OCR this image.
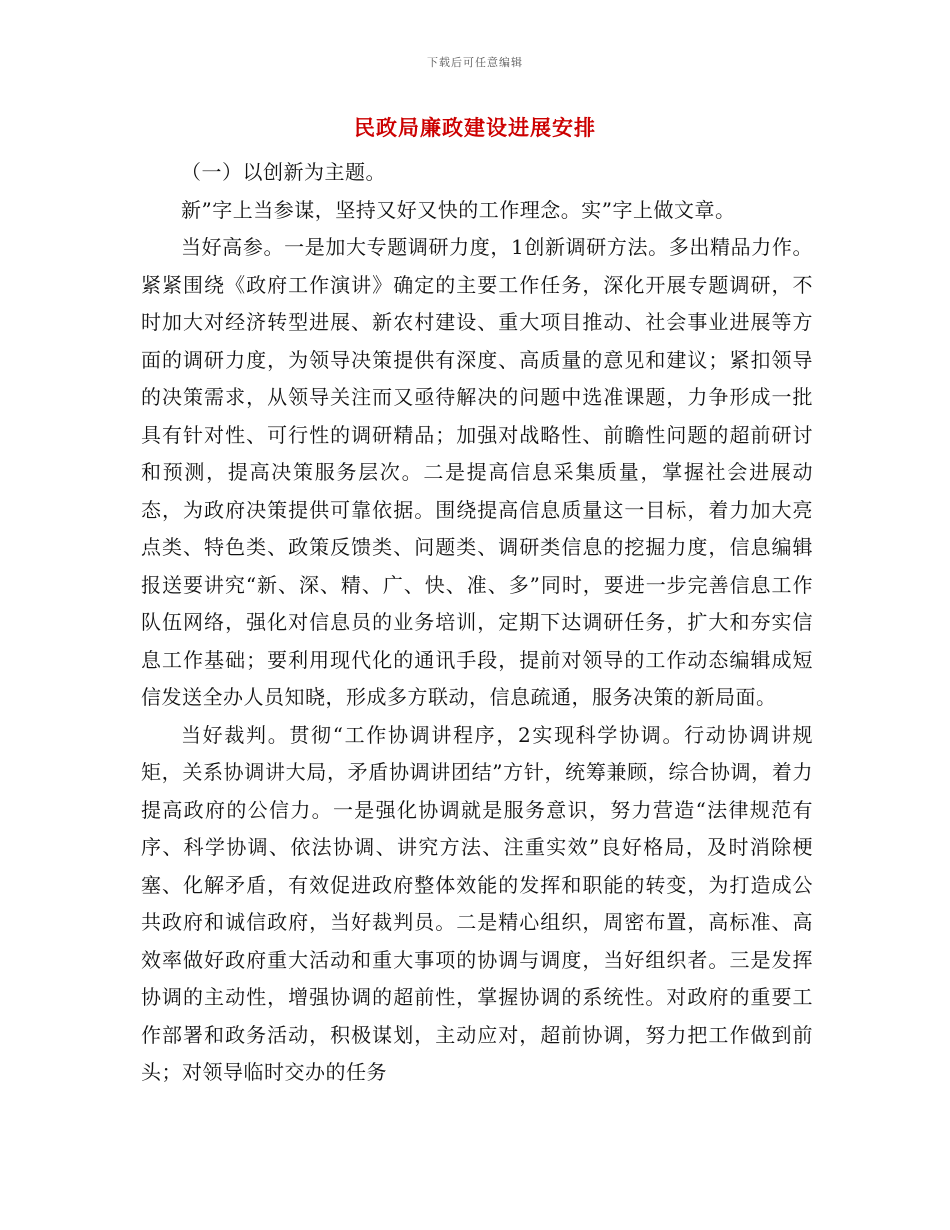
下载后可任意编辑
民政局廉政建设进展安排

（一）以创新为主题。

新”字上当参谋，坚持又好又快的工作理念。实”字上做文章。

当好高参。一是加大专题调研力度，1创新调研方法。多出精品力作。紧紧围绕《政府工作演讲》确定的主要工作任务，深化开展专题调研，不时加大对经济转型进展、新农村建设、重大项目推动、社会事业进展等方面的调研力度，为领导决策提供有深度、高质量的意见和建议；紧扣领导的决策需求，从领导关注而又亟待解决的问题中选准课题，力争形成一批具有针对性、可行性的调研精品；加强对战略性、前瞻性问题的超前研讨和预测，提高决策服务层次。二是提高信息采集质量，掌握社会进展动态，为政府决策提供可靠依据。围绕提高信息质量这一目标，着力加大亮点类、特色类、政策反馈类、问题类、调研类信息的挖掘力度，信息编辑报送要讲究“新、深、精、广、快、准、多”同时，要进一步完善信息工作队伍网络，强化对信息员的业务培训，定期下达调研任务，扩大和夯实信息工作基础；要利用现代化的通讯手段，提前对领导的工作动态编辑成短信发送全办人员知晓，形成多方联动，信息疏通，服务决策的新局面。

当好裁判。贯彻“工作协调讲程序，2实现科学协调。行动协调讲规矩，关系协调讲大局，矛盾协调讲团结”方针，统筹兼顾，综合协调，着力提高政府的公信力。一是强化协调就是服务意识，努力营造“法律规范有序、科学协调、依法协调、讲究方法、注重实效”良好格局，及时消除梗塞、化解矛盾，有效促进政府整体效能的发挥和职能的转变，为打造成公共政府和诚信政府，当好裁判员。二是精心组织，周密布置，高标准、高效率做好政府重大活动和重大事项的协调与调度，当好组织者。三是发挥协调的主动性，增强协调的超前性，掌握协调的系统性。对政府的重要工作部署和政务活动，积极谋划，主动应对，超前协调，努力把工作做到前头；对领导临时交办的任务
